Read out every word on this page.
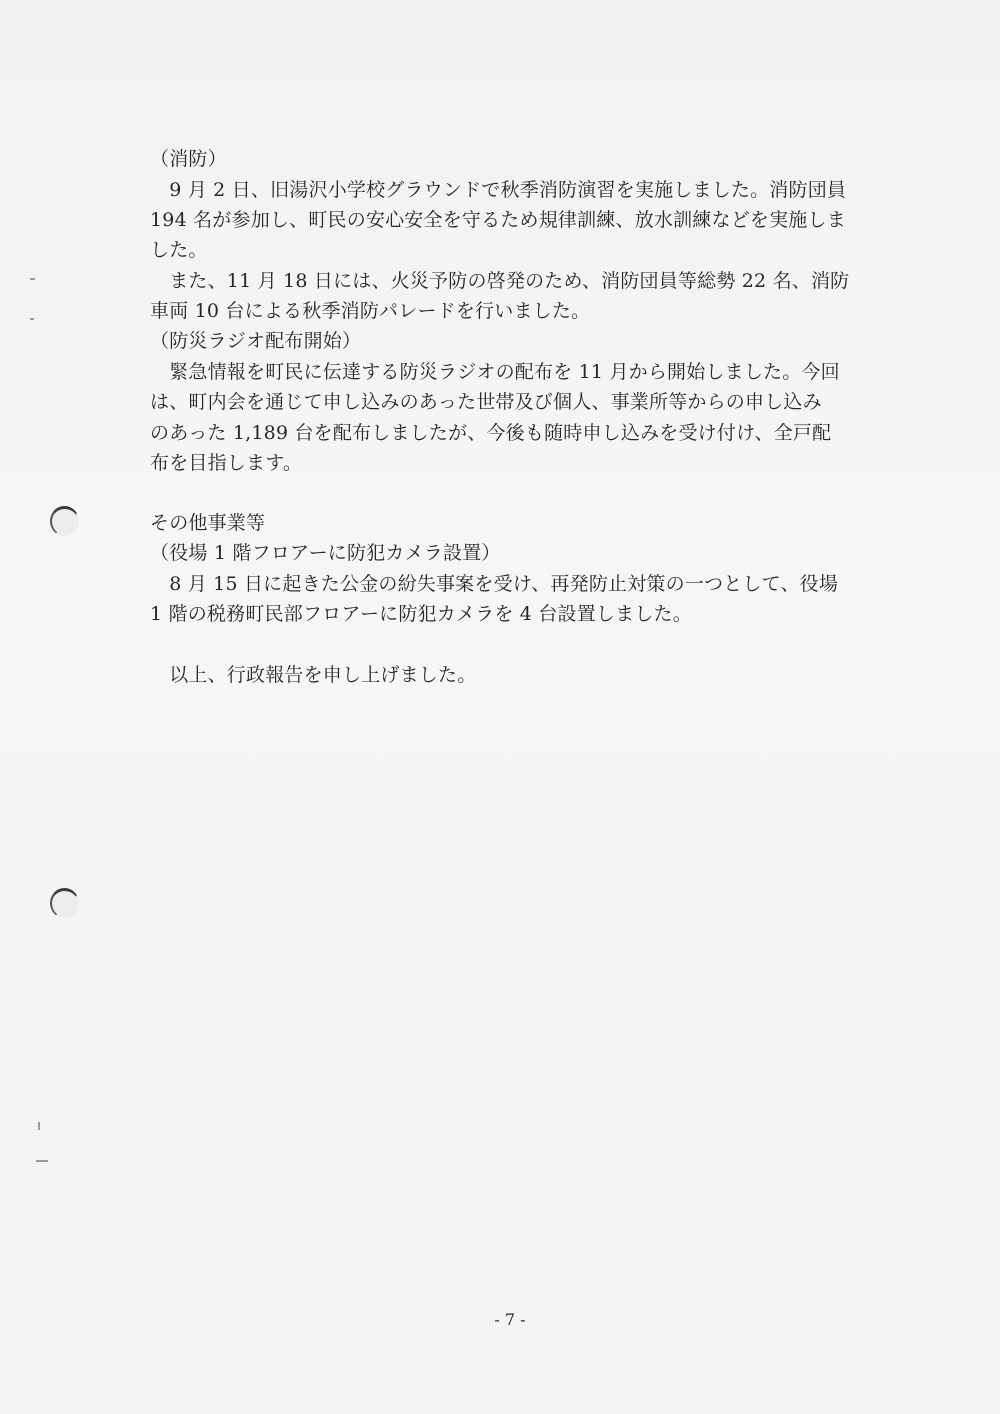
（消防）
　9 月 2 日、旧湯沢小学校グラウンドで秋季消防演習を実施しました。消防団員
194 名が参加し、町民の安心安全を守るため規律訓練、放水訓練などを実施しま
した。
　また、11 月 18 日には、火災予防の啓発のため、消防団員等総勢 22 名、消防
車両 10 台による秋季消防パレードを行いました。
（防災ラジオ配布開始）
　緊急情報を町民に伝達する防災ラジオの配布を 11 月から開始しました。今回
は、町内会を通じて申し込みのあった世帯及び個人、事業所等からの申し込み
のあった 1,189 台を配布しましたが、今後も随時申し込みを受け付け、全戸配
布を目指します。
その他事業等
（役場 1 階フロアーに防犯カメラ設置）
　8 月 15 日に起きた公金の紛失事案を受け、再発防止対策の一つとして、役場
1 階の税務町民部フロアーに防犯カメラを 4 台設置しました。
　以上、行政報告を申し上げました。
- 7 -
